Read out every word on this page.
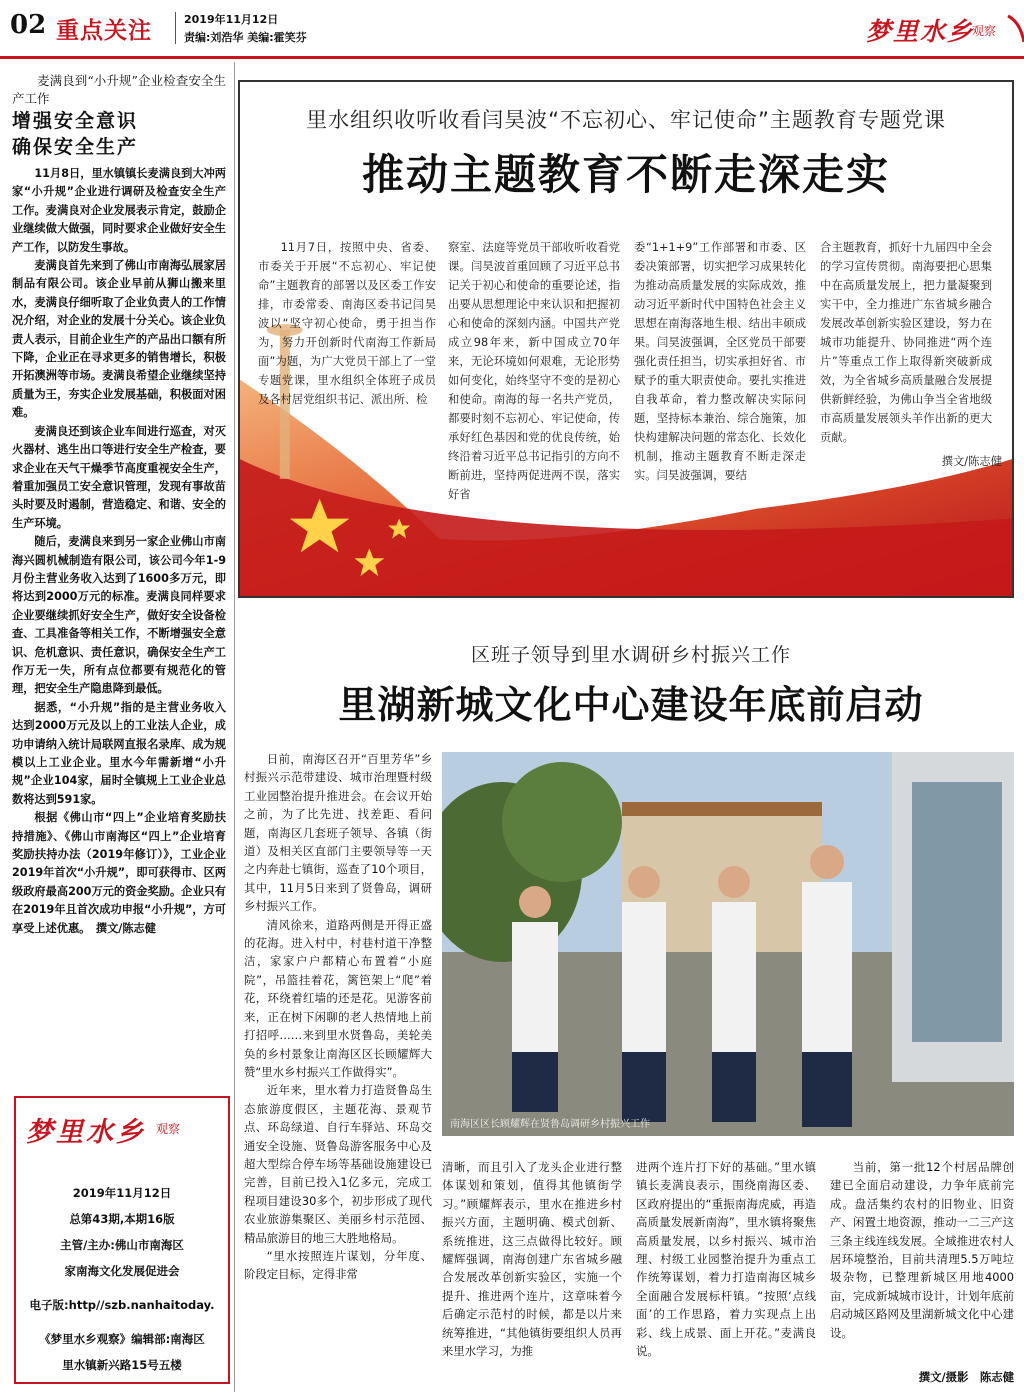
02 重点关注	2019年11月12日
责编:刘浩华 美编:霍笑芬	梦里水乡
观察

麦满良到“小升规”企业检查安全生产工作

增强安全意识
确保安全生产

11月8日，里水镇镇长麦满良到大冲两家“小升规”企业进行调研及检查安全生产工作。麦满良对企业发展表示肯定，鼓励企业继续做大做强，同时要求企业做好安全生产工作，以防发生事故。

麦满良首先来到了佛山市南海弘展家居制品有限公司。该企业早前从狮山搬来里水，麦满良仔细听取了企业负责人的工作情况介绍，对企业的发展十分关心。该企业负责人表示，目前企业生产的产品出口额有所下降，企业正在寻求更多的销售增长，积极开拓澳洲等市场。麦满良希望企业继续坚持质量为王，夯实企业发展基础，积极面对困难。

麦满良还到该企业车间进行巡查，对灭火器材、逃生出口等进行安全生产检查，要求企业在天气干燥季节高度重视安全生产，着重加强员工安全意识管理，发现有事故苗头时要及时遏制，营造稳定、和谐、安全的生产环境。

随后，麦满良来到另一家企业佛山市南海兴圆机械制造有限公司，该公司今年1-9月份主营业务收入达到了1600多万元，即将达到2000万元的标准。麦满良同样要求企业要继续抓好安全生产，做好安全设备检查、工具准备等相关工作，不断增强安全意识、危机意识、责任意识，确保安全生产工作万无一失，所有点位都要有规范化的管理，把安全生产隐患降到最低。

据悉，“小升规”指的是主营业务收入达到2000万元及以上的工业法人企业，成功申请纳入统计局联网直报名录库、成为规模以上工业企业。里水今年需新增“小升规”企业104家，届时全镇规上工业企业总数将达到591家。

根据《佛山市“四上”企业培育奖励扶持措施》、《佛山市南海区“四上”企业培育奖励扶持办法（2019年修订）》，工业企业2019年首次“小升规”，即可获得市、区两级政府最高200万元的资金奖励。企业只有在2019年且首次成功申报“小升规”，方可享受上述优惠。　撰文/陈志健

里水组织收听收看闫昊波“不忘初心、牢记使命”主题教育专题党课
推动主题教育不断走深走实
11月7日，按照中央、省委、市委关于开展“不忘初心、牢记使命”主题教育的部署以及区委工作安排，市委常委、南海区委书记闫昊波以“坚守初心使命，勇于担当作为，努力开创新时代南海工作新局面”为题，为广大党员干部上了一堂专题党课，里水组织全体班子成员及各村居党组织书记、派出所、检
察室、法庭等党员干部收听收看党课。闫昊波首重回顾了习近平总书记关于初心和使命的重要论述，指出要从思想理论中来认识和把握初心和使命的深刻内涵。中国共产党成立98年来，新中国成立70年来，无论环境如何艰难，无论形势如何变化，始终坚守不变的是初心和使命。南海的每一名共产党员，都要时刻不忘初心、牢记使命，传承好红色基因和党的优良传统，始终沿着习近平总书记指引的方向不断前进，坚持两促进两不误，落实好省
委“1+1+9”工作部署和市委、区委决策部署，切实把学习成果转化为推动高质量发展的实际成效，推动习近平新时代中国特色社会主义思想在南海落地生根、结出丰硕成果。闫昊波强调，全区党员干部要强化责任担当，切实承担好省、市赋予的重大职责使命。要扎实推进自我革命，着力整改解决实际问题，坚持标本兼治、综合施策，加快构建解决问题的常态化、长效化机制，推动主题教育不断走深走实。闫昊波强调，要结
合主题教育，抓好十九届四中全会的学习宣传贯彻。南海要把心思集中在高质量发展上，把力量凝聚到实干中，全力推进广东省城乡融合发展改革创新实验区建设，努力在城市功能提升、协同推进“两个连片”等重点工作上取得新突破新成效，为全省城乡高质量融合发展提供新鲜经验，为佛山争当全省地级市高质量发展领头羊作出新的更大贡献。
撰文/陈志健
区班子领导到里水调研乡村振兴工作
里湖新城文化中心建设年底前启动

日前，南海区召开“百里芳华”乡村振兴示范带建设、城市治理暨村级工业园整治提升推进会。在会议开始之前，为了比先进、找差距、看问题，南海区几套班子领导、各镇（街道）及相关区直部门主要领导等一天之内奔赴七镇街，巡查了10个项目，其中，11月5日来到了贤鲁岛，调研乡村振兴工作。

清风徐来，道路两侧是开得正盛的花海。进入村中，村巷村道干净整洁，家家户户都精心布置着“小庭院”，吊篮挂着花，篱笆架上“爬”着花，环绕着红墙的还是花。见游客前来，正在树下闲聊的老人热情地上前打招呼……来到里水贤鲁岛，美轮美奂的乡村景象让南海区区长顾耀辉大赞“里水乡村振兴工作做得实”。

近年来，里水着力打造贤鲁岛生态旅游度假区，主题花海、景观节点、环岛绿道、自行车驿站、环岛交通安全设施、贤鲁岛游客服务中心及超大型综合停车场等基础设施建设已完善，目前已投入1亿多元，完成工程项目建设30多个，初步形成了现代农业旅游集聚区、美丽乡村示范园、精品旅游目的地三大胜地格局。

“里水按照连片谋划，分年度、阶段定目标，定得非常

南海区区长顾耀辉在贤鲁岛调研乡村振兴工作
清晰，而且引入了龙头企业进行整体谋划和策划，值得其他镇街学习。”顾耀辉表示，里水在推进乡村振兴方面，主题明确、模式创新、系统推进，这三点做得比较好。顾耀辉强调，南海创建广东省城乡融合发展改革创新实验区，实施一个提升、推进两个连片，这章味着今后确定示范村的时候，都是以片来统筹推进，“其他镇街要组织人员再来里水学习，为推
进两个连片打下好的基础。”里水镇镇长麦满良表示，围绕南海区委、区政府提出的“重振南海虎威，再造高质量发展新南海”，里水镇将聚焦高质量发展，以乡村振兴、城市治理、村级工业园整治提升为重点工作统筹谋划，着力打造南海区城乡全面融合发展标杆镇。“按照‘点线面’的工作思路，着力实现点上出彩、线上成景、面上开花。”麦满良说。
当前，第一批12个村居品牌创建已全面启动建设，力争年底前完成。盘活集约农村的旧物业、旧资产、闲置土地资源，推动一二三产这三条主线连线发展。全域推进农村人居环境整治，目前共清理5.5万吨垃圾杂物，已整理新城区用地4000亩，完成新城城市设计，计划年底前启动城区路网及里湖新城文化中心建设。
撰文/摄影　陈志健
梦里水乡 观察
2019年11月12日
总第43期,本期16版
主管/主办:佛山市南海区
家南海文化发展促进会
电子版:http//szb.nanhaitoday.
《梦里水乡观察》编辑部:南海区
里水镇新兴路15号五楼
